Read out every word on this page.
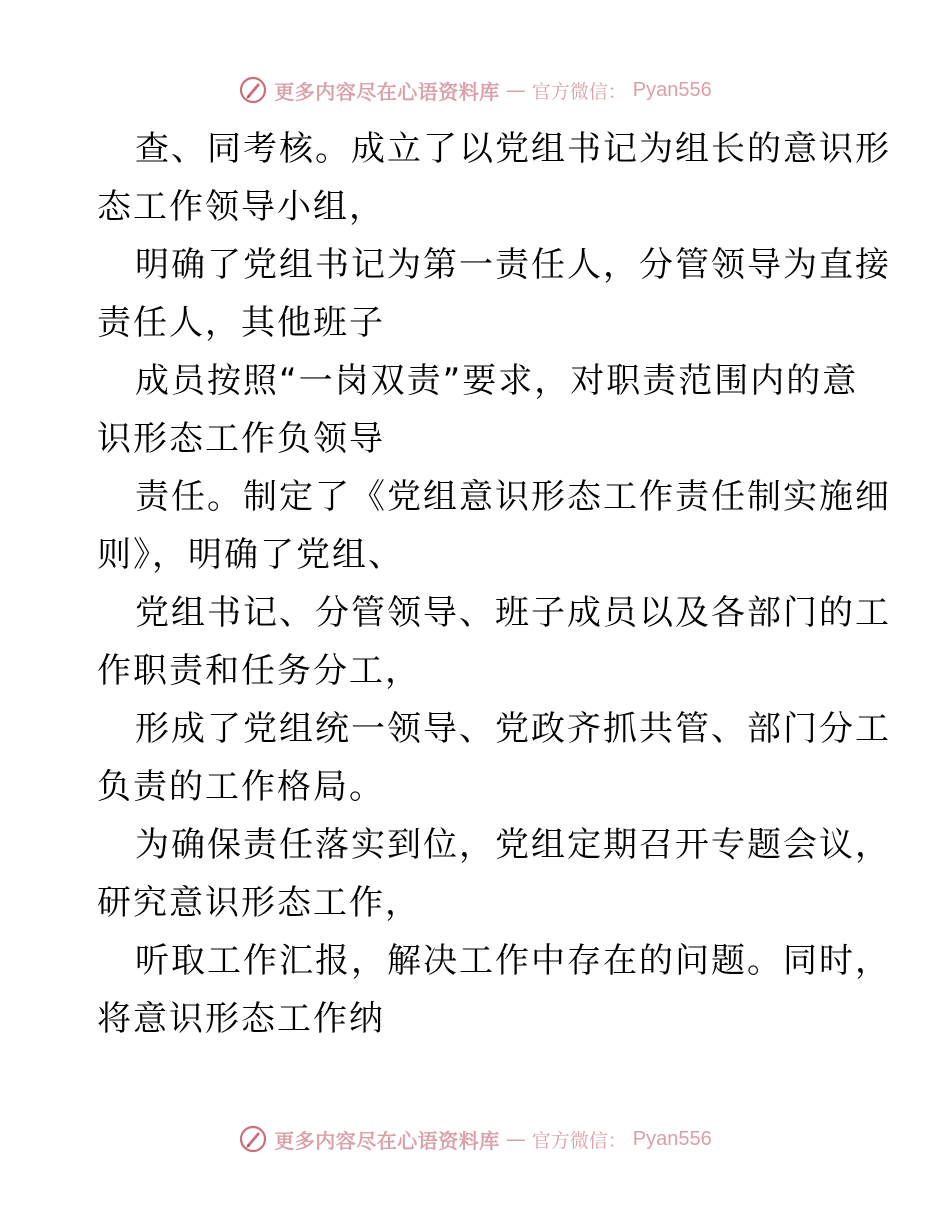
更多内容尽在心语资料库 — 官方微信： Pyan556
查、同考核。成立了以党组书记为组长的意识形
态工作领导小组，
明确了党组书记为第一责任人，分管领导为直接
责任人，其他班子
成员按照“一岗双责”要求，对职责范围内的意
识形态工作负领导
责任。制定了《党组意识形态工作责任制实施细
则》，明确了党组、
党组书记、分管领导、班子成员以及各部门的工
作职责和任务分工，
形成了党组统一领导、党政齐抓共管、部门分工
负责的工作格局。
为确保责任落实到位，党组定期召开专题会议，
研究意识形态工作，
听取工作汇报，解决工作中存在的问题。同时，
将意识形态工作纳
更多内容尽在心语资料库 — 官方微信： Pyan556
